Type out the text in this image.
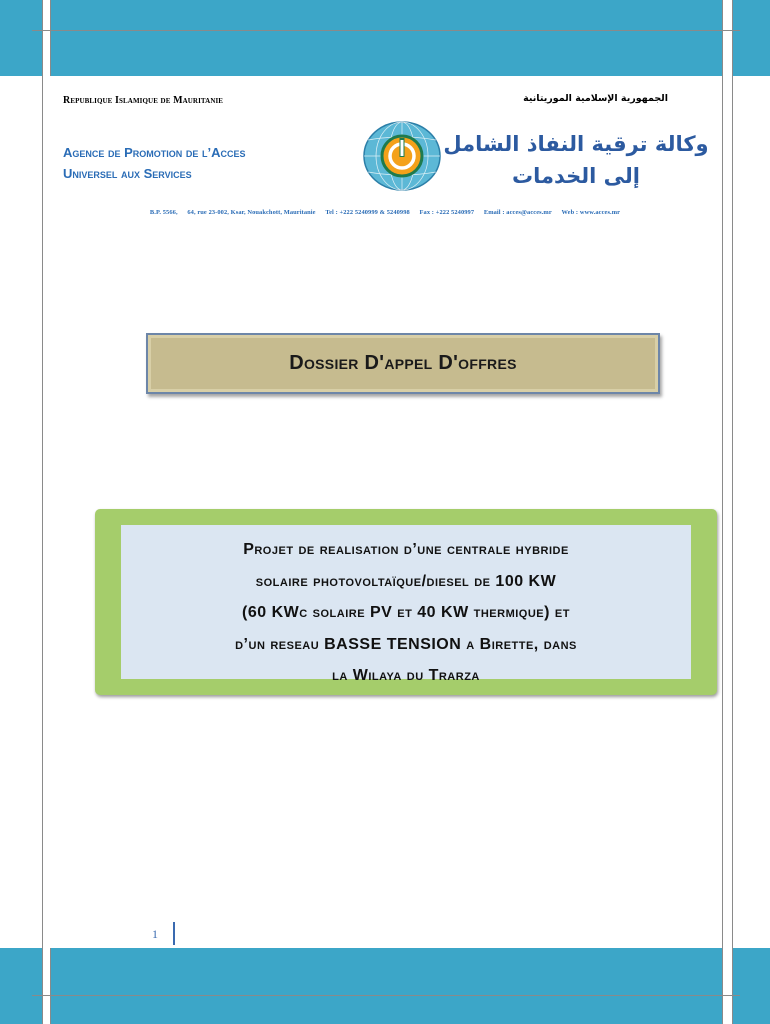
Republique Islamique de Mauritanie	الجمهورية الإسلامية الموريتانية
Agence de Promotion de l’Acces
Universel aux Services
وكالة ترقية النفاذ الشامل
إلى الخدمات
B.P. 5566, 64, rue 23-002, Ksar, Nouakchott, Mauritanie Tel : +222 5240999 & 5240998 Fax : +222 5240997 Email : acces@acces.mr Web : www.acces.mr
Dossier D'appel D'offres
Projet de realisation d’une centrale hybride
solaire photovoltaïque/diesel de 100 KW
(60 KWc solaire PV et 40 KW thermique) et
d’un reseau BASSE TENSION a Birette, dans
la Wilaya du Trarza
1
